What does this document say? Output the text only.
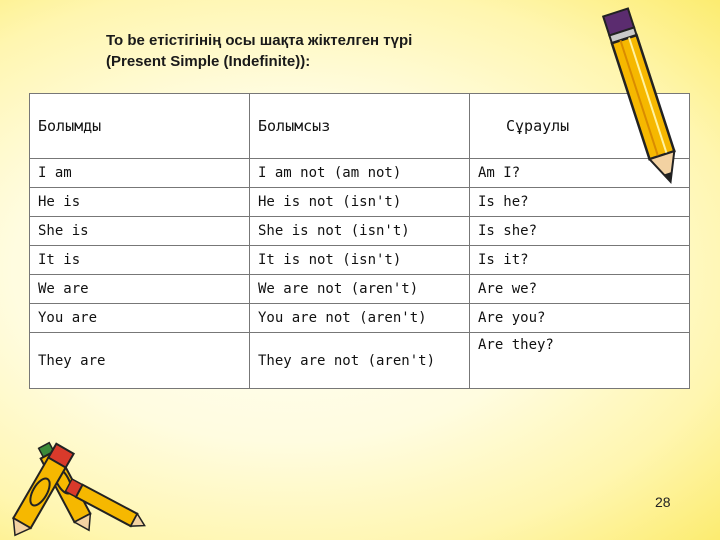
To be етістігінің осы шақта жіктелген түрі
(Present Simple (Indefinite)):
Болымды	Болымсыз	Сұраулы
I am	I am not (am not)	Am I?
He is	He is not (isn't)	Is he?
She is	She is not (isn't)	Is she?
It is	It is not (isn't)	Is it?
We are	We are not (aren't)	Are we?
You are	You are not (aren't)	Are you?
They are	They are not (aren't)	Are they?
28
